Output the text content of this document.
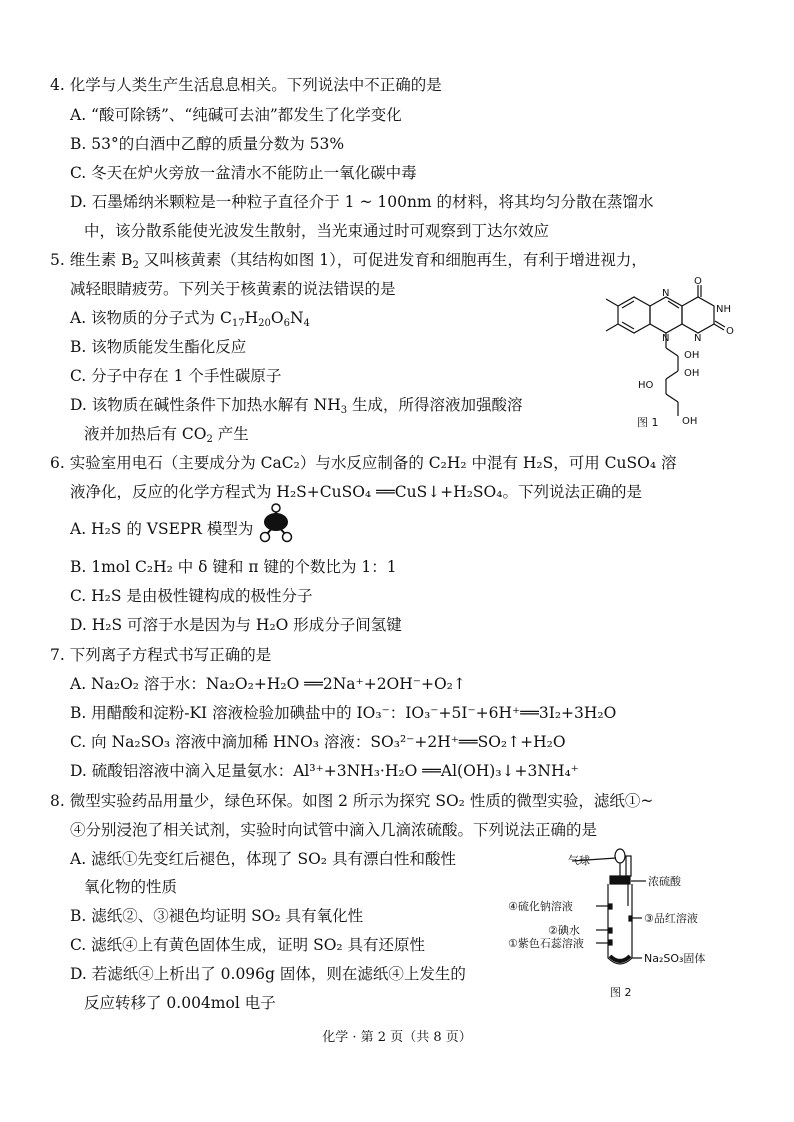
4. 化学与人类生产生活息息相关。下列说法中不正确的是
A. “酸可除锈”、“纯碱可去油”都发生了化学变化
B. 53°的白酒中乙醇的质量分数为 53%
C. 冬天在炉火旁放一盆清水不能防止一氧化碳中毒
D. 石墨烯纳米颗粒是一种粒子直径介于 1 ~ 100nm 的材料，将其均匀分散在蒸馏水
中，该分散系能使光波发生散射，当光束通过时可观察到丁达尔效应
5. 维生素 $B_2$ 又叫核黄素（其结构如图 1），可促进发育和细胞再生，有利于增进视力，
减轻眼睛疲劳。下列关于核黄素的说法错误的是
A. 该物质的分子式为 $C_{17}H_{20}O_6N_4$
B. 该物质能发生酯化反应
C. 分子中存在 1 个手性碳原子
D. 该物质在碱性条件下加热水解有 $NH_3$ 生成，所得溶液加强酸溶
液并加热后有 $CO_2$ 产生
O
N
NH
O
N
N
OH
OH
HO
OH
图 1
6. 实验室用电石（主要成分为 CaC₂）与水反应制备的 C₂H₂ 中混有 H₂S，可用 CuSO₄ 溶
液净化，反应的化学方程式为 H₂S+CuSO₄ ══CuS↓+H₂SO₄。下列说法正确的是
A. H₂S 的 VSEPR 模型为
B. 1mol C₂H₂ 中 δ 键和 π 键的个数比为 1：1
C. H₂S 是由极性键构成的极性分子
D. H₂S 可溶于水是因为与 H₂O 形成分子间氢键
7. 下列离子方程式书写正确的是
A. Na₂O₂ 溶于水：Na₂O₂+H₂O ══2Na⁺+2OH⁻+O₂↑
B. 用醋酸和淀粉-KI 溶液检验加碘盐中的 IO₃⁻：IO₃⁻+5I⁻+6H⁺══3I₂+3H₂O
C. 向 Na₂SO₃ 溶液中滴加稀 HNO₃ 溶液：SO₃²⁻+2H⁺══SO₂↑+H₂O
D. 硫酸铝溶液中滴入足量氨水：Al³⁺+3NH₃·H₂O ══Al(OH)₃↓+3NH₄⁺
8. 微型实验药品用量少，绿色环保。如图 2 所示为探究 SO₂ 性质的微型实验，滤纸①~
④分别浸泡了相关试剂，实验时向试管中滴入几滴浓硫酸。下列说法正确的是
A. 滤纸①先变红后褪色，体现了 SO₂ 具有漂白性和酸性
氧化物的性质
B. 滤纸②、③褪色均证明 SO₂ 具有氧化性
C. 滤纸④上有黄色固体生成，证明 SO₂ 具有还原性
D. 若滤纸④上析出了 0.096g 固体，则在滤纸④上发生的
反应转移了 0.004mol 电子
气球
浓硫酸
④硫化钠溶液
③品红溶液
②碘水
①紫色石蕊溶液
Na₂SO₃固体
图 2
化学 · 第 2 页（共 8 页）
